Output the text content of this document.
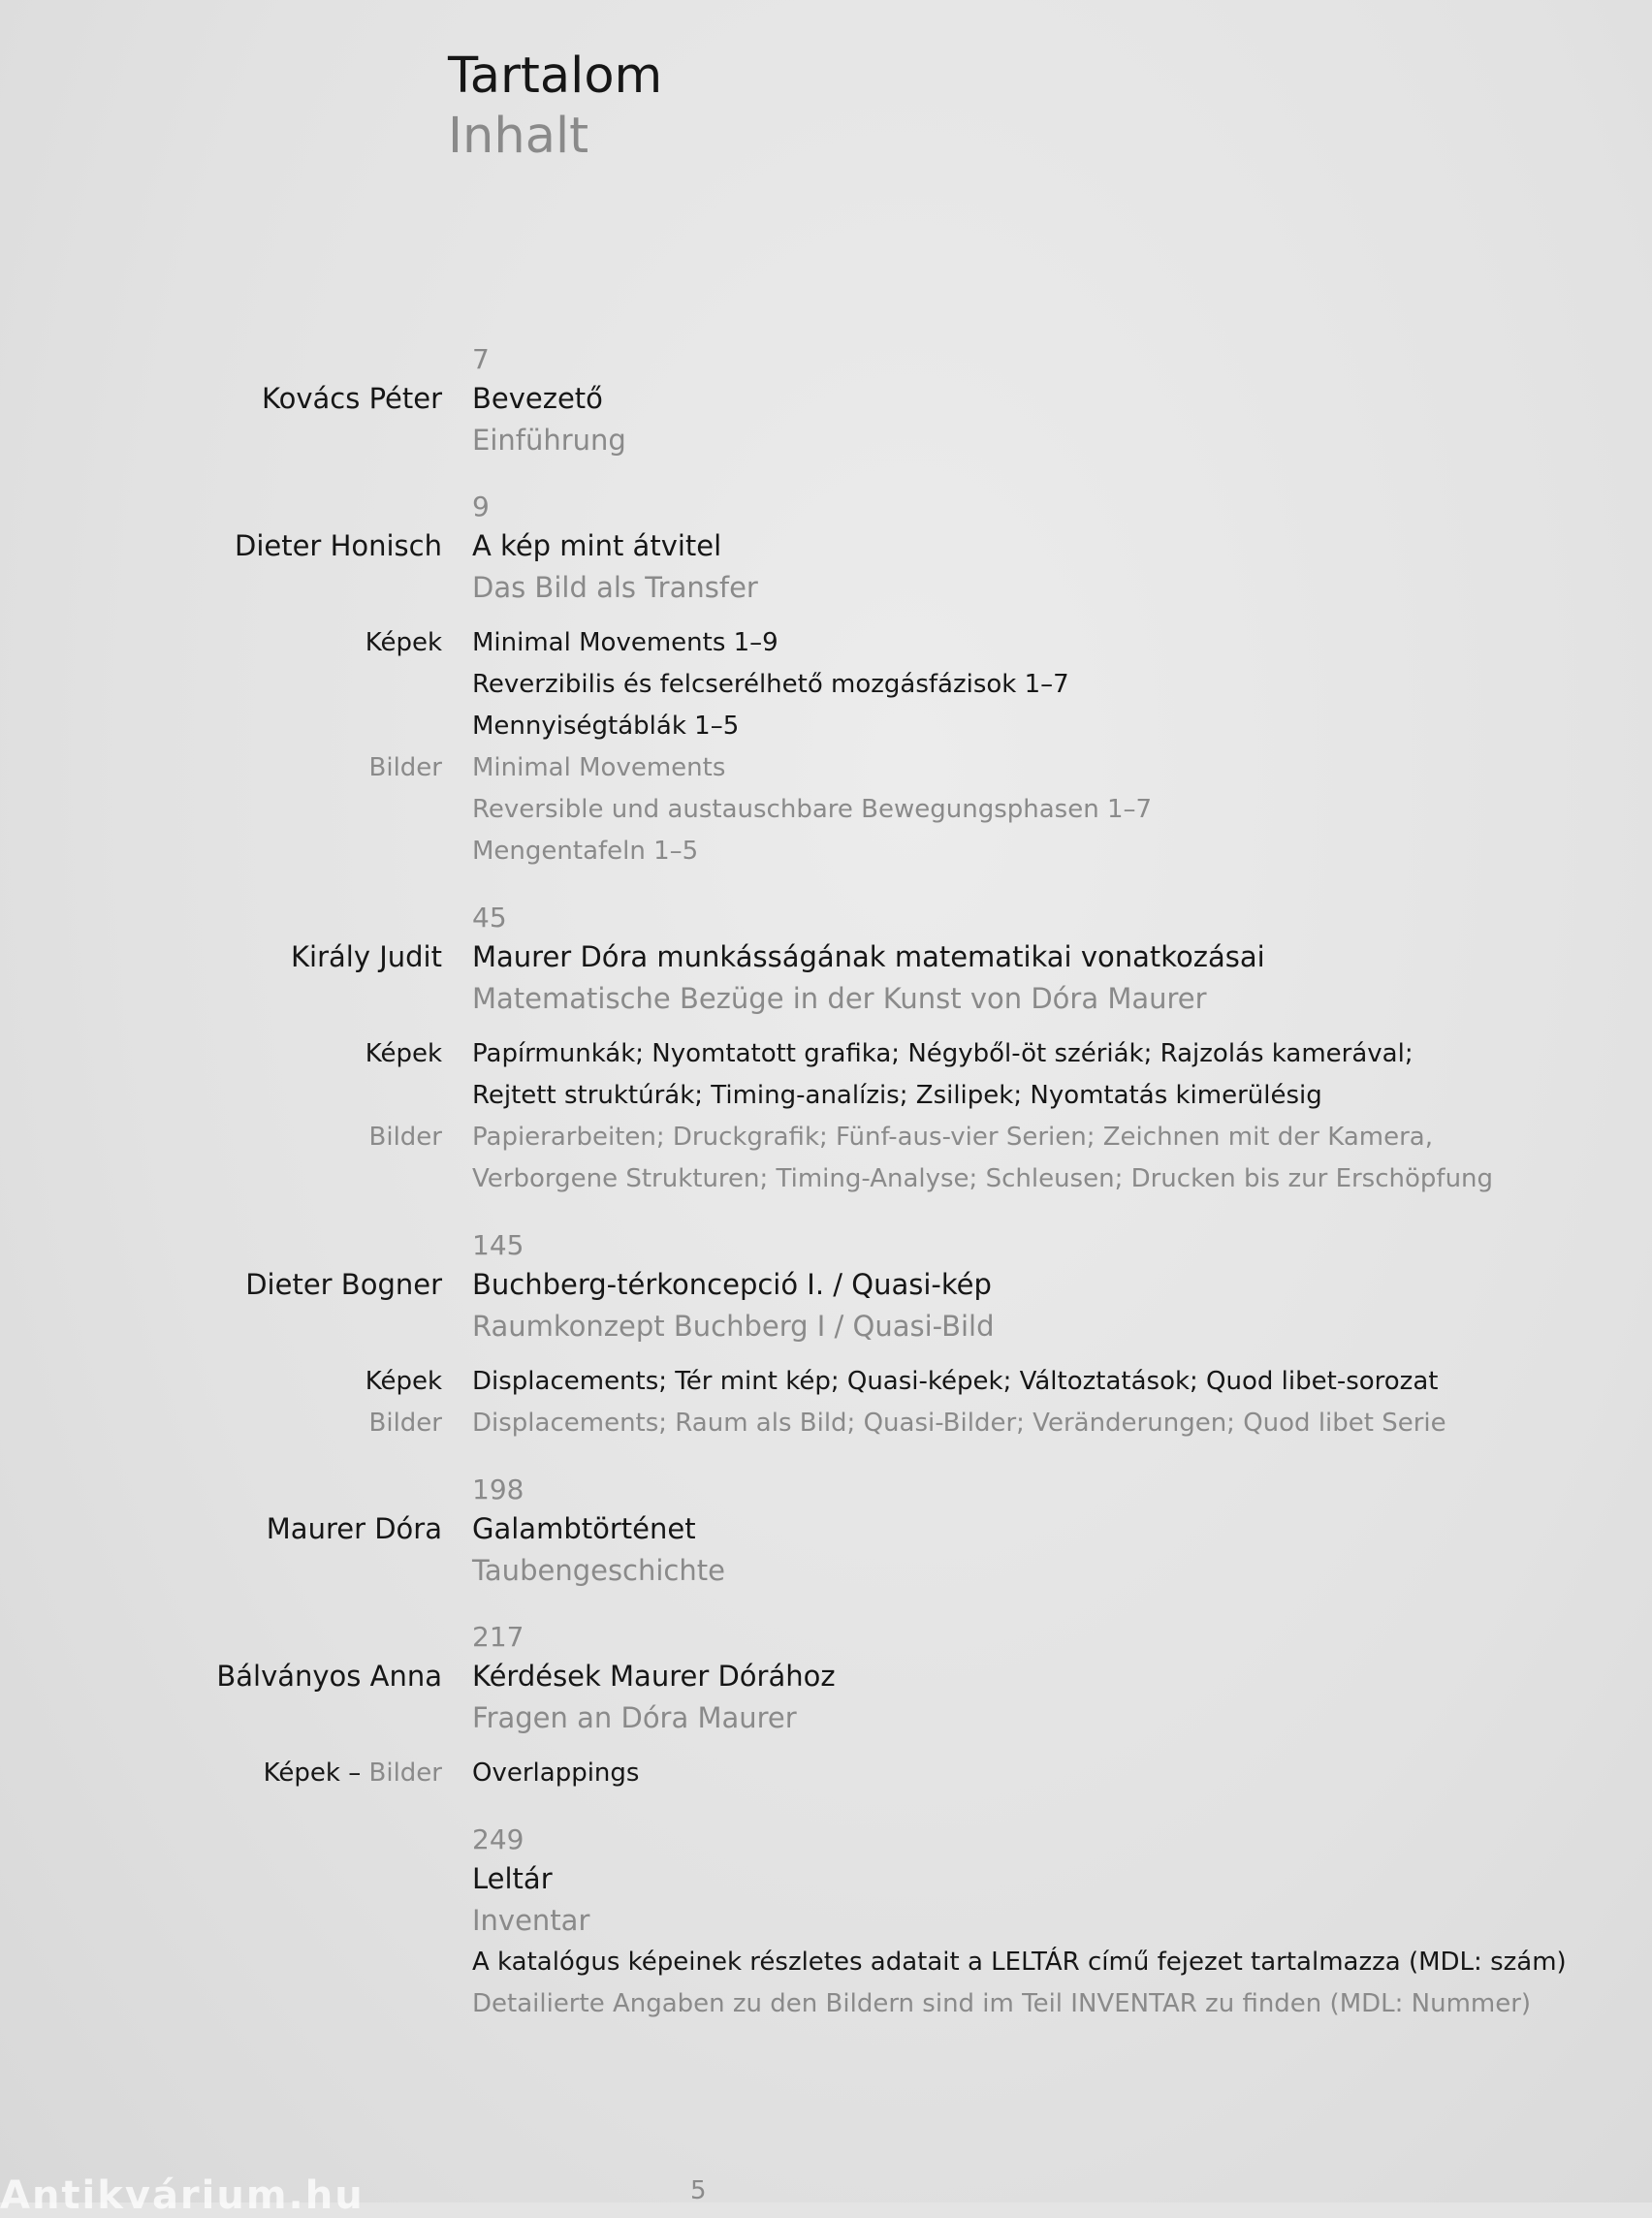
Tartalom
Inhalt
7
Kovács Péter Bevezető
Einführung
9
Dieter Honisch A kép mint átvitel
Das Bild als Transfer
Képek Minimal Movements 1–9
Reverzibilis és felcserélhető mozgásfázisok 1–7
Mennyiségtáblák 1–5
Bilder Minimal Movements
Reversible und austauschbare Bewegungsphasen 1–7
Mengentafeln 1–5
45
Király Judit Maurer Dóra munkásságának matematikai vonatkozásai
Matematische Bezüge in der Kunst von Dóra Maurer
Képek Papírmunkák; Nyomtatott grafika; Négyből-öt szériák; Rajzolás kamerával;
Rejtett struktúrák; Timing-analízis; Zsilipek; Nyomtatás kimerülésig
Bilder Papierarbeiten; Druckgrafik; Fünf-aus-vier Serien; Zeichnen mit der Kamera,
Verborgene Strukturen; Timing-Analyse; Schleusen; Drucken bis zur Erschöpfung
145
Dieter Bogner Buchberg-térkoncepció I. / Quasi-kép
Raumkonzept Buchberg I / Quasi-Bild
Képek Displacements; Tér mint kép; Quasi-képek; Változtatások; Quod libet-sorozat
Bilder Displacements; Raum als Bild; Quasi-Bilder; Veränderungen; Quod libet Serie
198
Maurer Dóra Galambtörténet
Taubengeschichte
217
Bálványos Anna Kérdések Maurer Dórához
Fragen an Dóra Maurer
Képek – Bilder Overlappings
249
Leltár
Inventar
A katalógus képeinek részletes adatait a LELTÁR című fejezet tartalmazza (MDL: szám)
Detailierte Angaben zu den Bildern sind im Teil INVENTAR zu finden (MDL: Nummer)
5
Antikvárium.hu
